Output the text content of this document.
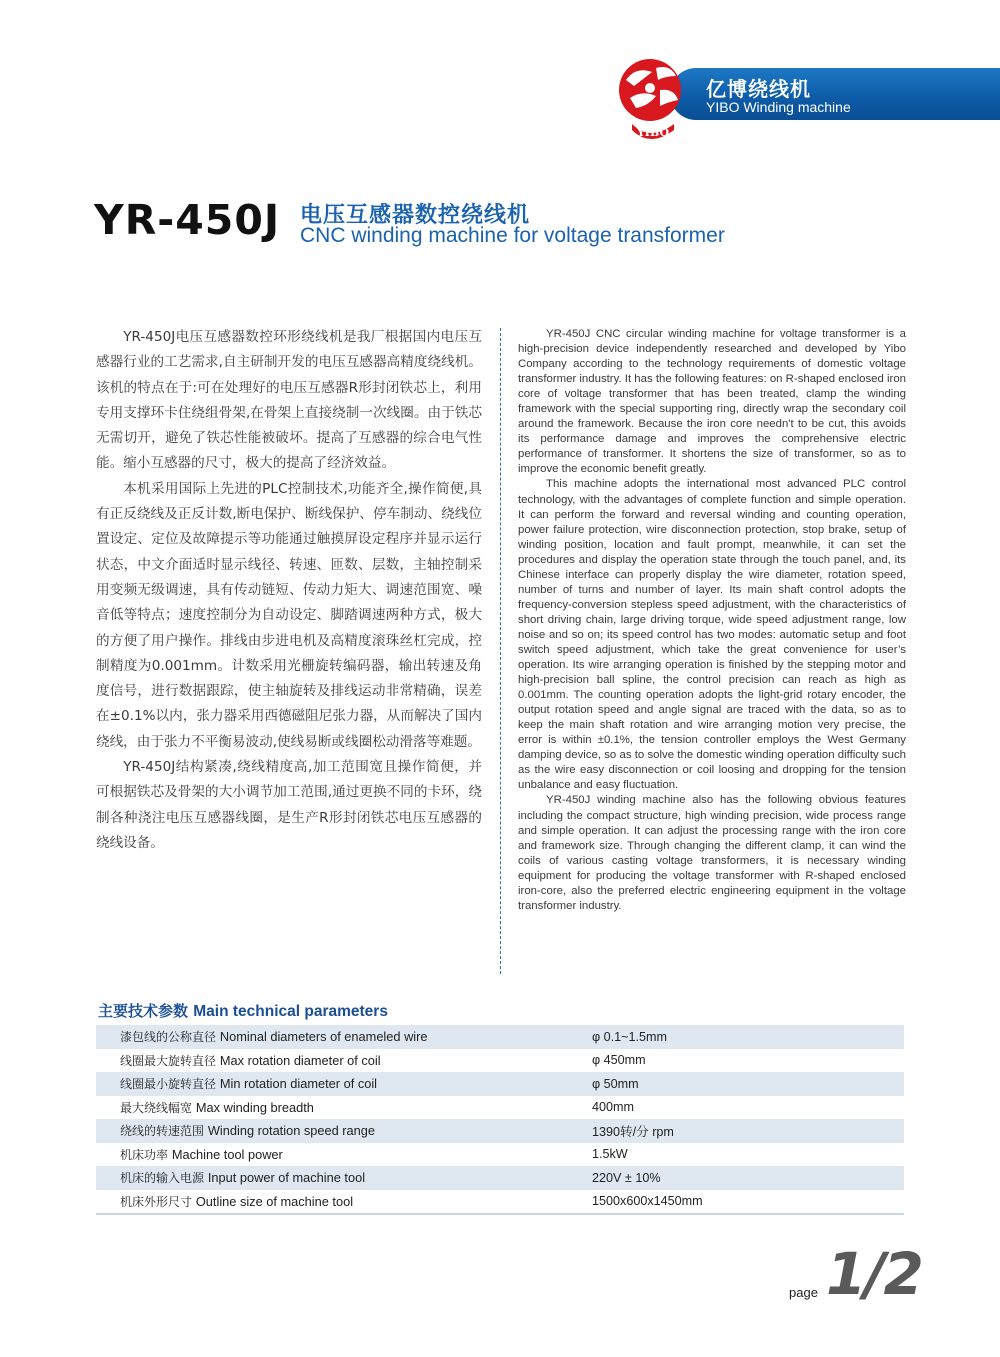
YIBO
亿博绕线机
YIBO Winding machine
YR-450J 电压互感器数控绕线机
CNC winding machine for voltage transformer

YR-450J电压互感器数控环形绕线机是我厂根据国内电压互感器行业的工艺需求,自主研制开发的电压互感器高精度绕线机。该机的特点在于:可在处理好的电压互感器R形封闭铁芯上，利用专用支撑环卡住绕组骨架,在骨架上直接绕制一次线圈。由于铁芯无需切开，避免了铁芯性能被破坏。提高了互感器的综合电气性能。缩小互感器的尺寸，极大的提高了经济效益。

本机采用国际上先进的PLC控制技术,功能齐全,操作简便,具有正反绕线及正反计数,断电保护、断线保护、停车制动、绕线位置设定、定位及故障提示等功能通过触摸屏设定程序并显示运行状态，中文介面适时显示线径、转速、匝数、层数，主轴控制采用变频无级调速，具有传动链短、传动力矩大、调速范围宽、噪音低等特点；速度控制分为自动设定、脚踏调速两种方式，极大的方便了用户操作。排线由步进电机及高精度滚珠丝杠完成，控制精度为0.001mm。计数采用光栅旋转编码器，输出转速及角度信号，进行数据跟踪，使主轴旋转及排线运动非常精确，误差在±0.1%以内，张力器采用西德磁阻尼张力器，从而解决了国内绕线，由于张力不平衡易波动,使线易断或线圈松动滑落等难题。

YR-450J结构紧凑,绕线精度高,加工范围宽且操作简便，并可根据铁芯及骨架的大小调节加工范围,通过更换不同的卡环，绕制各种浇注电压互感器线圈，是生产R形封闭铁芯电压互感器的绕线设备。

YR-450J CNC circular winding machine for voltage transformer is a high-precision device independently researched and developed by Yibo Company according to the technology requirements of domestic voltage transformer industry. It has the following features: on R-shaped enclosed iron core of voltage transformer that has been treated, clamp the winding framework with the special supporting ring, directly wrap the secondary coil around the framework. Because the iron core needn't to be cut, this avoids its performance damage and improves the comprehensive electric performance of transformer. It shortens the size of transformer, so as to improve the economic benefit greatly.

This machine adopts the international most advanced PLC control technology, with the advantages of complete function and simple operation. It can perform the forward and reversal winding and counting operation, power failure protection, wire disconnection protection, stop brake, setup of winding position, location and fault prompt, meanwhile, it can set the procedures and display the operation state through the touch panel, and, its Chinese interface can properly display the wire diameter, rotation speed, number of turns and number of layer. Its main shaft control adopts the frequency-conversion stepless speed adjustment, with the characteristics of short driving chain, large driving torque, wide speed adjustment range, low noise and so on; its speed control has two modes: automatic setup and foot switch speed adjustment, which take the great convenience for user’s operation. Its wire arranging operation is finished by the stepping motor and high-precision ball spline, the control precision can reach as high as 0.001mm. The counting operation adopts the light-grid rotary encoder, the output rotation speed and angle signal are traced with the data, so as to keep the main shaft rotation and wire arranging motion very precise, the error is within ±0.1%, the tension controller employs the West Germany damping device, so as to solve the domestic winding operation difficulty such as the wire easy disconnection or coil loosing and dropping for the tension unbalance and easy fluctuation.

YR-450J winding machine also has the following obvious features including the compact structure, high winding precision, wide process range and simple operation. It can adjust the processing range with the iron core and framework size. Through changing the different clamp, it can wind the coils of various casting voltage transformers, it is necessary winding equipment for producing the voltage transformer with R-shaped enclosed iron-core, also the preferred electric engineering equipment in the voltage transformer industry.

主要技术参数 Main technical parameters
漆包线的公称直径 Nominal diameters of enameled wire	φ 0.1~1.5mm
线圈最大旋转直径 Max rotation diameter of coil	φ 450mm
线圈最小旋转直径 Min rotation diameter of coil	φ 50mm
最大绕线幅宽 Max winding breadth	400mm
绕线的转速范围 Winding rotation speed range	1390转/分 rpm
机床功率 Machine tool power	1.5kW
机床的输入电源 Input power of machine tool	220V ± 10%
机床外形尺寸 Outline size of machine tool	1500x600x1450mm
page 1/2
